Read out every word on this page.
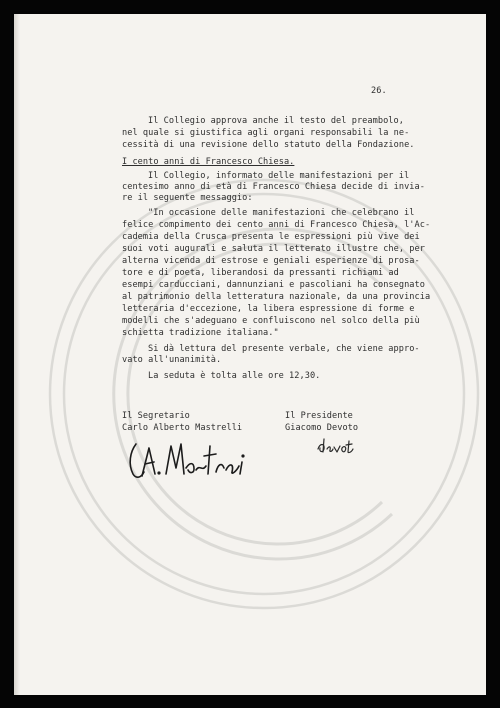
26.
Il Collegio approva anche il testo del preambolo,
nel quale si giustifica agli organi responsabili la ne-
cessità di una revisione dello statuto della Fondazione.
I cento anni di Francesco Chiesa.
Il Collegio, informato delle manifestazioni per il
centesimo anno di età di Francesco Chiesa decide di invia-
re il seguente messaggio:
"In occasione delle manifestazioni che celebrano il
felice compimento dei cento anni di Francesco Chiesa, l'Ac-
cademia della Crusca presenta le espressioni più vive dei
suoi voti augurali e saluta il letterato illustre che, per
alterna vicenda di estrose e geniali esperienze di prosa-
tore e di poeta, liberandosi da pressanti richiami ad
esempi carducciani, dannunziani e pascoliani ha consegnato
al patrimonio della letteratura nazionale, da una provincia
letteraria d'eccezione, la libera espressione di forme e
modelli che s'adeguano e confluiscono nel solco della più
schietta tradizione italiana."
Si dà lettura del presente verbale, che viene appro-
vato all'unanimità.
La seduta è tolta alle ore 12,30.
Il Segretario
Carlo Alberto Mastrelli
Il Presidente
Giacomo Devoto
